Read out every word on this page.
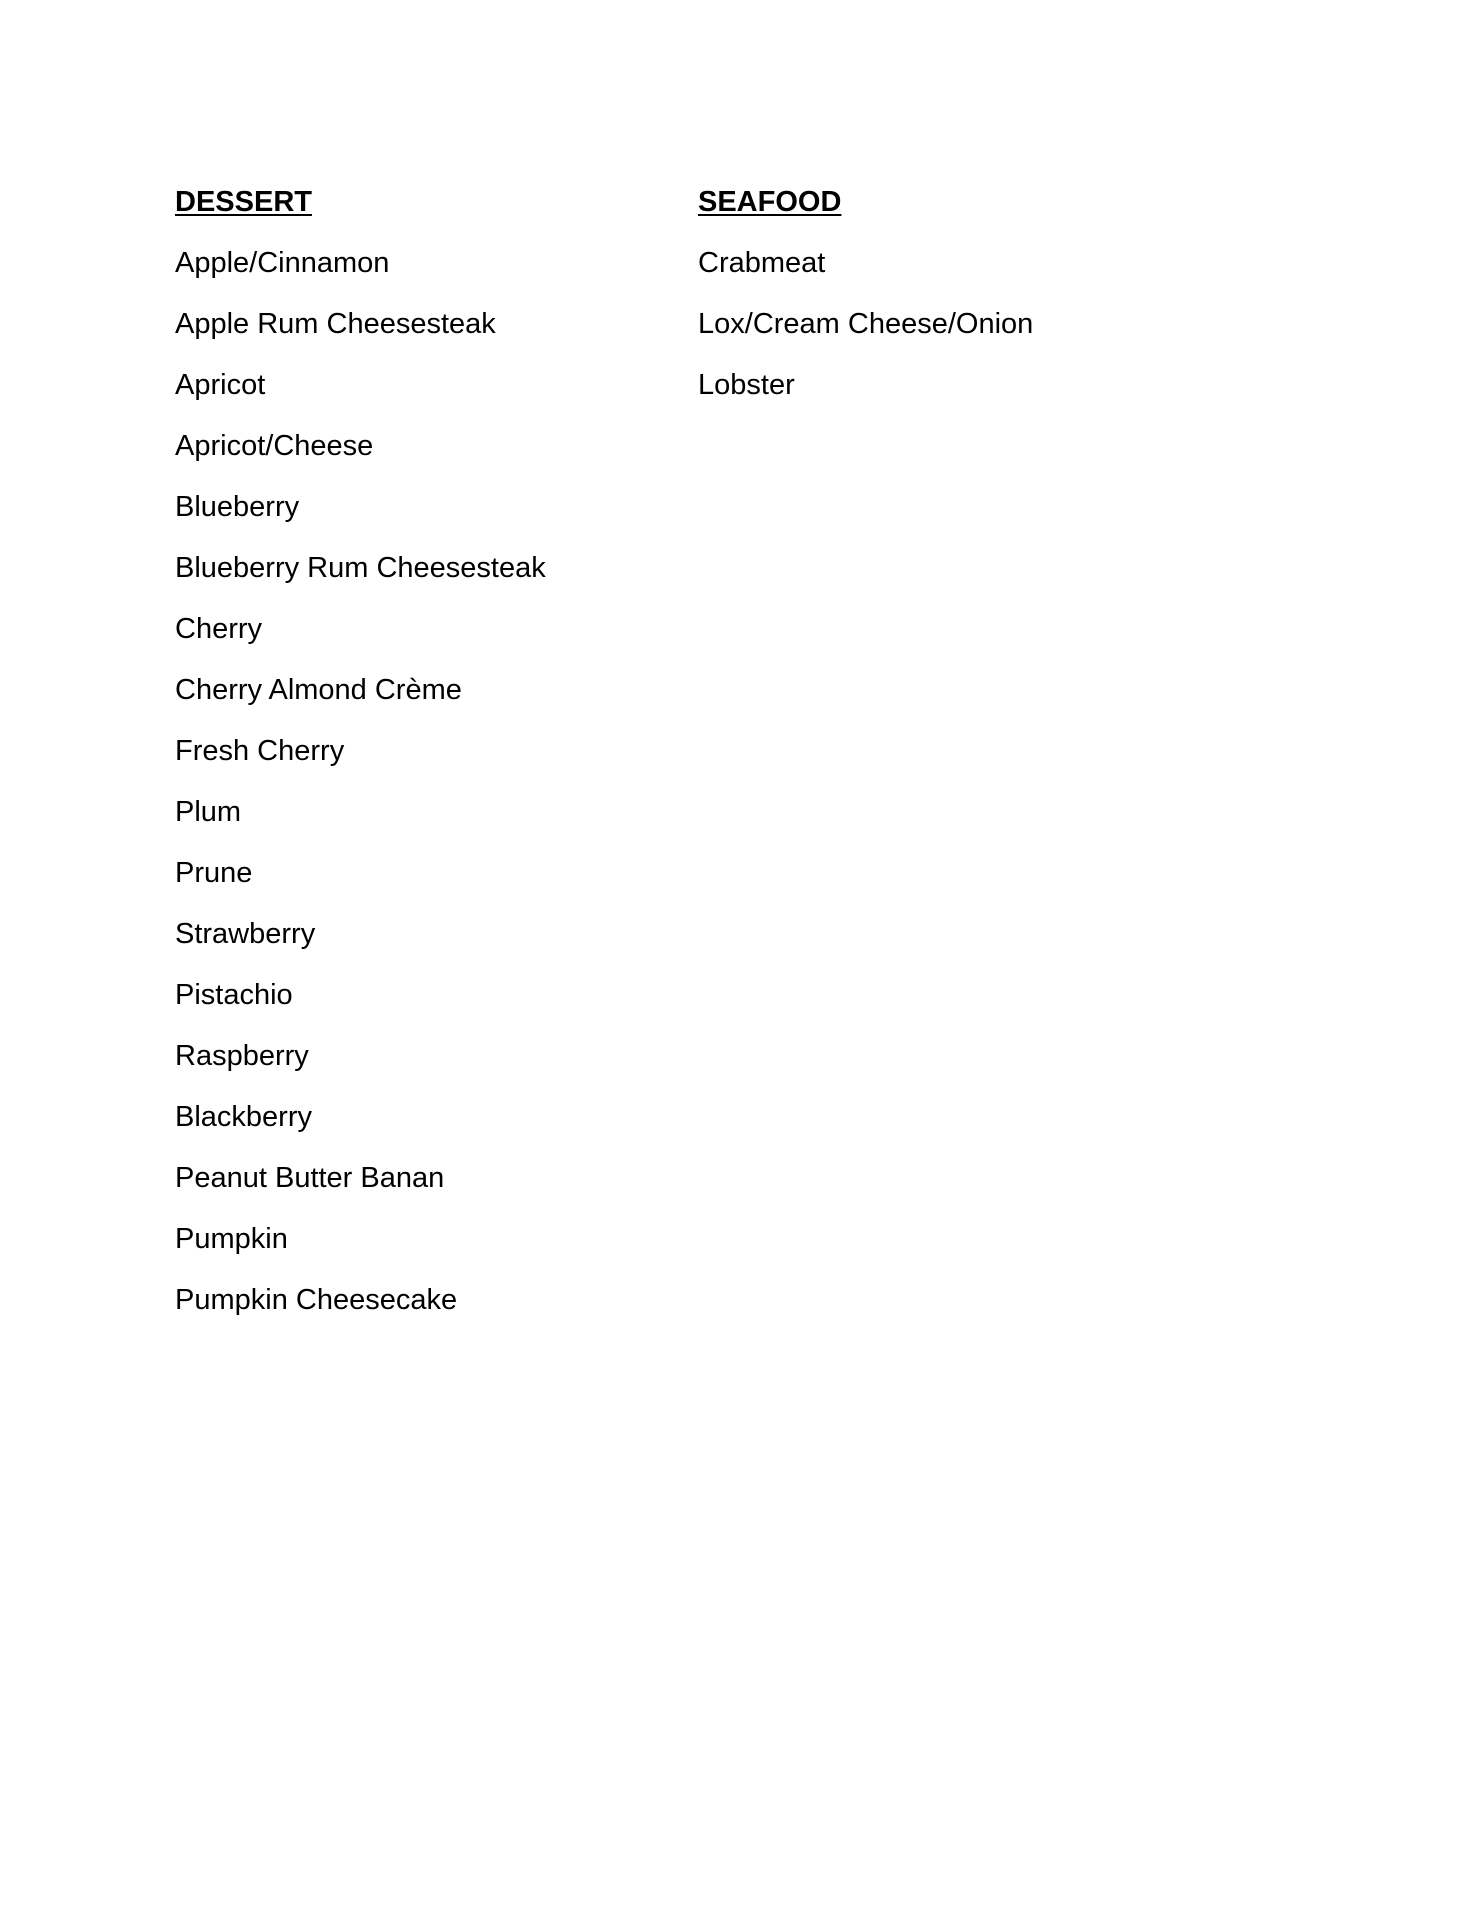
DESSERT
Apple/Cinnamon
Apple Rum Cheesesteak
Apricot
Apricot/Cheese
Blueberry
Blueberry Rum Cheesesteak
Cherry
Cherry Almond Crème
Fresh Cherry
Plum
Prune
Strawberry
Pistachio
Raspberry
Blackberry
Peanut Butter Banan
Pumpkin
Pumpkin Cheesecake
SEAFOOD
Crabmeat
Lox/Cream Cheese/Onion
Lobster
